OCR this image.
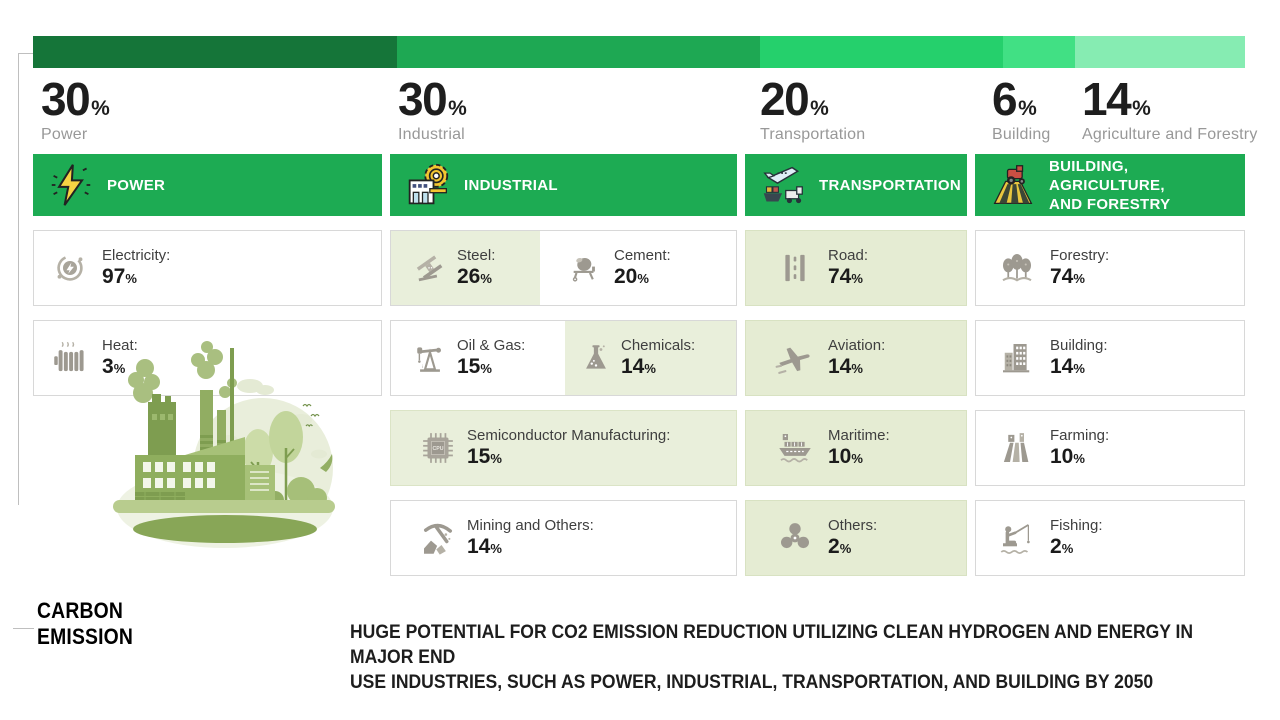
30%
Power
30%
Industrial
20%
Transportation
6%
Building
14%
Agriculture and Forestry
POWER
Electricity:
97%
Heat:
3%
INDUSTRIAL
Steel:
26%
Cement:
20%
i
Oil & Gas:
15%
Chemicals:
14%
CPU
Semiconductor Manufacturing:
15%
Mining and Others:
14%
TRANSPORTATION
Road:
74%
Aviation:
14%
Maritime:
10%
Others:
2%
BUILDING, AGRICULTURE,
AND FORESTRY
Forestry:
74%
Building:
14%
Farming:
10%
Fishing:
2%
CARBON
EMISSION	HUGE POTENTIAL FOR CO2 EMISSION REDUCTION UTILIZING CLEAN HYDROGEN AND ENERGY IN MAJOR END
USE INDUSTRIES, SUCH AS POWER, INDUSTRIAL, TRANSPORTATION, AND BUILDING BY 2050
